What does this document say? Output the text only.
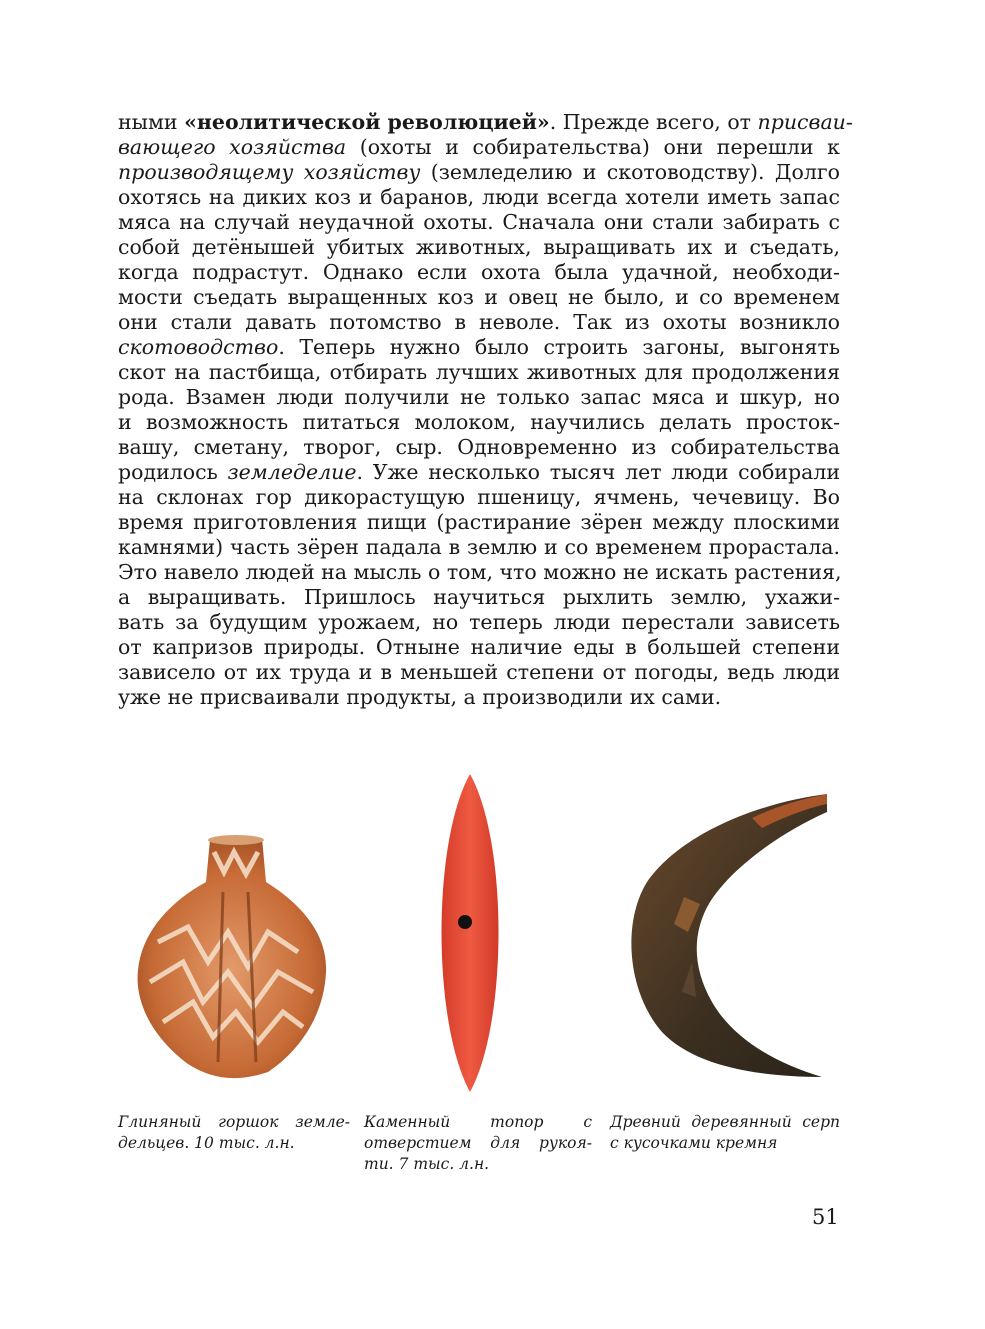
ными «неолитической революцией». Прежде всего, от присваи-
вающего хозяйства (охоты и собирательства) они перешли к
производящему хозяйству (земледелию и скотоводству). Долго
охотясь на диких коз и баранов, люди всегда хотели иметь запас
мяса на случай неудачной охоты. Сначала они стали забирать с
собой детёнышей убитых животных, выращивать их и съедать,
когда подрастут. Однако если охота была удачной, необходи-
мости съедать выращенных коз и овец не было, и со временем
они стали давать потомство в неволе. Так из охоты возникло
скотоводство. Теперь нужно было строить загоны, выгонять
скот на пастбища, отбирать лучших животных для продолжения
рода. Взамен люди получили не только запас мяса и шкур, но
и возможность питаться молоком, научились делать просток-
вашу, сметану, творог, сыр. Одновременно из собирательства
родилось земледелие. Уже несколько тысяч лет люди собирали
на склонах гор дикорастущую пшеницу, ячмень, чечевицу. Во
время приготовления пищи (растирание зёрен между плоскими
камнями) часть зёрен падала в землю и со временем прорастала.
Это навело людей на мысль о том, что можно не искать растения,
а выращивать. Пришлось научиться рыхлить землю, ухажи-
вать за будущим урожаем, но теперь люди перестали зависеть
от капризов природы. Отныне наличие еды в большей степени
зависело от их труда и в меньшей степени от погоды, ведь люди
уже не присваивали продукты, а производили их сами.
Глиняный горшок земле-
дельцев. 10 тыс. л.н.
Каменный топор с
отверстием для рукоя-
ти. 7 тыс. л.н.
Древний деревянный серп
с кусочками кремня
51
